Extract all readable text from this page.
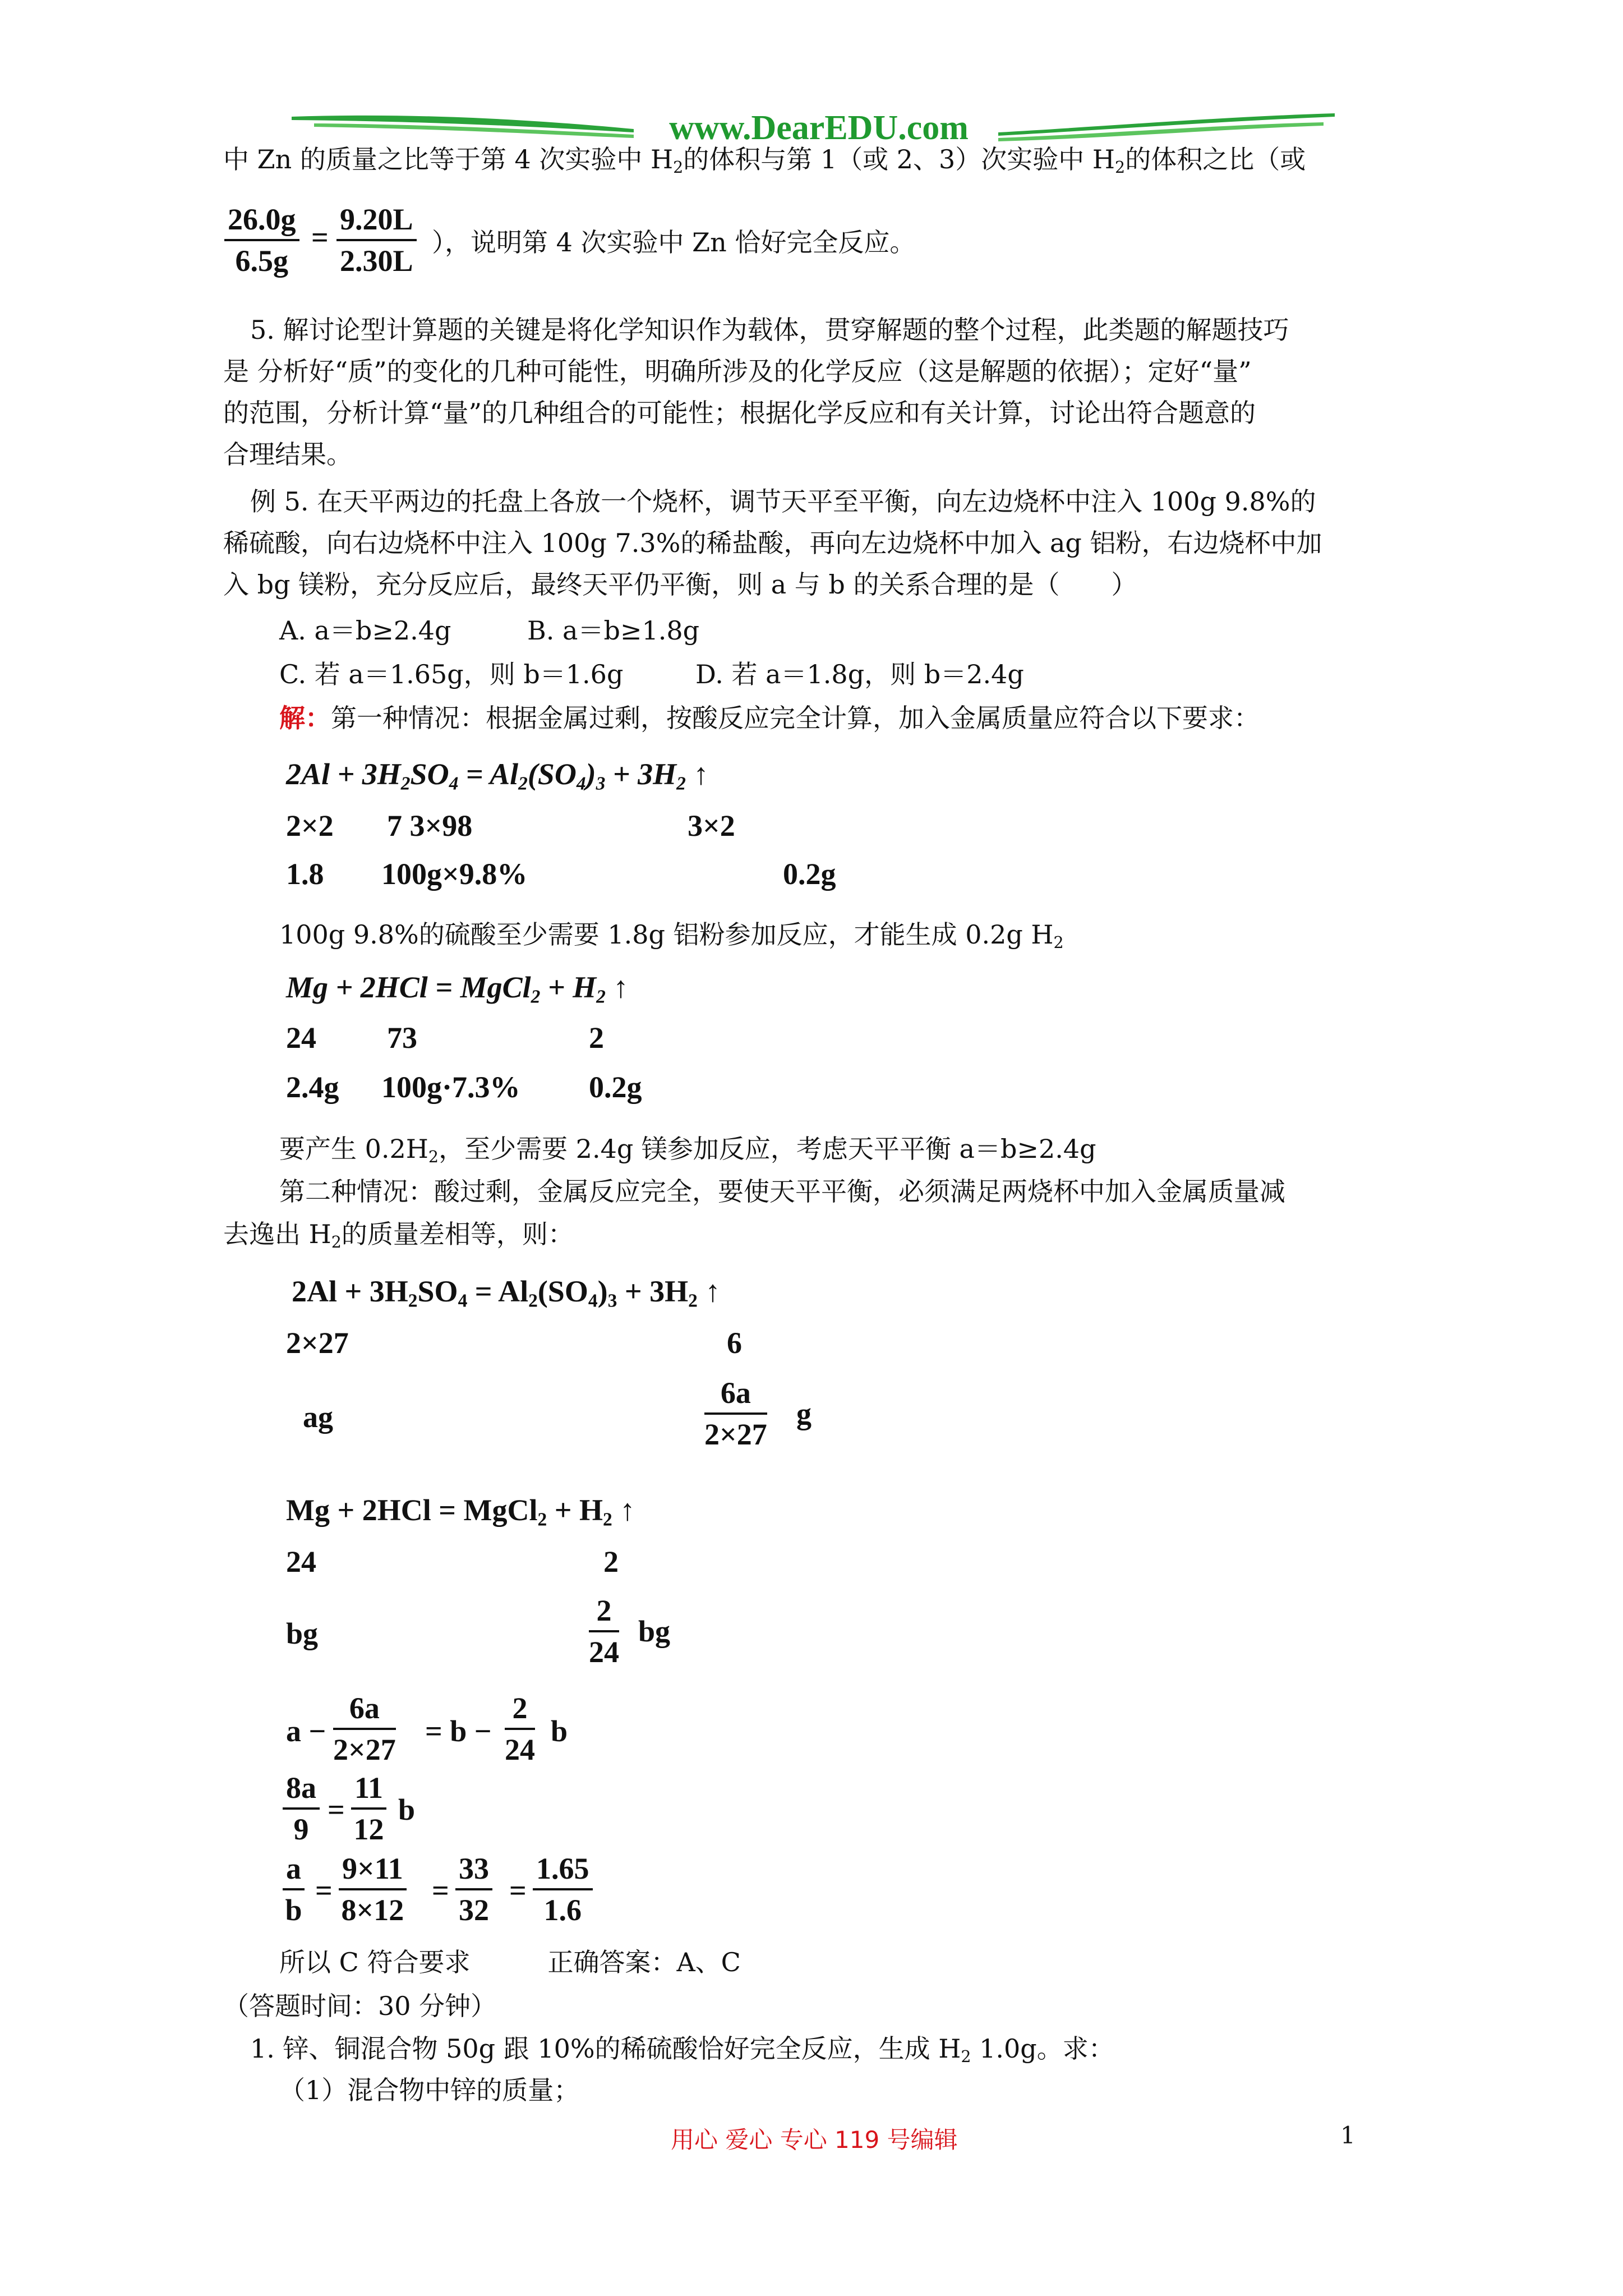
www.DearEDU.com
中 Zn 的质量之比等于第 4 次实验中 $H_2$的体积与第 1（或 2、3）次实验中 $H_2$的体积之比（或
$\frac{26.0g}{6.5g} = \frac{9.20L}{2.30L}$ ），说明第 4 次实验中 Zn 恰好完全反应。
5. 解讨论型计算题的关键是将化学知识作为载体，贯穿解题的整个过程，此类题的解题技巧
是 分析好“质”的变化的几种可能性，明确所涉及的化学反应（这是解题的依据）；定好“量”
的范围，分析计算“量”的几种组合的可能性；根据化学反应和有关计算，讨论出符合题意的
合理结果。
例 5. 在天平两边的托盘上各放一个烧杯，调节天平至平衡，向左边烧杯中注入 100g 9.8%的
稀硫酸，向右边烧杯中注入 100g 7.3%的稀盐酸，再向左边烧杯中加入 ag 铝粉，右边烧杯中加
入 bg 镁粉，充分反应后，最终天平仍平衡，则 a 与 b 的关系合理的是（　　）
A. a＝b≥2.4g	B. a＝b≥1.8g
C. 若 a＝1.65g，则 b＝1.6g	D. 若 a＝1.8g，则 b＝2.4g
解：第一种情况：根据金属过剩，按酸反应完全计算，加入金属质量应符合以下要求：
$2Al + 3H_2SO_4 = Al_2(SO_4)_3 + 3H_2$ ↑
2×2 7 3×98	3×2
1.8 100g×9.8%	0.2g
100g 9.8%的硫酸至少需要 1.8g 铝粉参加反应，才能生成 0.2g $H_2$
Mg + 2HCl = MgCl$_2$ + $H_2$ ↑
24 73	2
2.4g 100g·7.3% 0.2g
要产生 $0.2H_2$，至少需要 2.4g 镁参加反应，考虑天平平衡 a＝b≥2.4g
第二种情况：酸过剩，金属反应完全，要使天平平衡，必须满足两烧杯中加入金属质量减
去逸出 $H_2$的质量差相等，则：
$2Al + 3H_2SO_4 = Al_2(SO_4)_3 + 3H_2$ ↑
2×27	6
ag	$\frac{6a}{2\times 27}$ g
Mg + 2HCl = MgCl$_2$ + $H_2$ ↑
24	2
bg	$\frac{2}{24}$ bg
$a - \frac{6a}{2\times 27} = b - \frac{2}{24}$ b
$\frac{8a}{9} = \frac{11}{12}$ b
$\frac{a}{b} = \frac{9\times 11}{8\times 12} = \frac{33}{32} = \frac{1.65}{1.6}$
所以 C 符合要求　　　正确答案：A、C
（答题时间：30 分钟）
1. 锌、铜混合物 50g 跟 10%的稀硫酸恰好完全反应，生成 $H_2$ 1.0g。求：
（1）混合物中锌的质量；
用心 爱心 专心 119 号编辑	1
